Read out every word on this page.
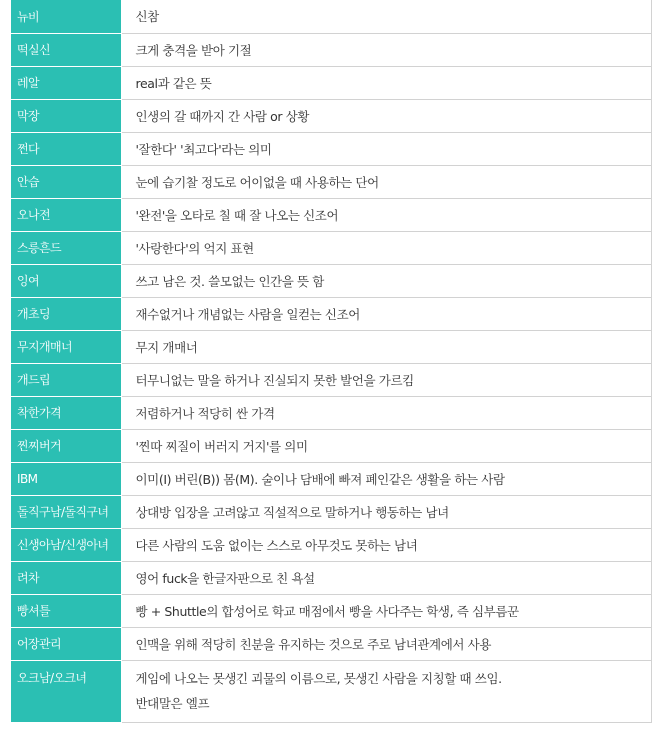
뉴비	신참
떡실신	크게 충격을 받아 기절
레알	real과 같은 뜻
막장	인생의 갈 때까지 간 사람 or 상황
쩐다	'잘한다' '최고다'라는 의미
안습	눈에 습기찰 정도로 어이없을 때 사용하는 단어
오나전	'완전'을 오타로 칠 때 잘 나오는 신조어
스릉흔드	'사랑한다'의 억지 표현
잉여	쓰고 남은 것. 쓸모없는 인간을 뜻 함
개초딩	재수없거나 개념없는 사람을 일컫는 신조어
무지개매너	무지 개매너
개드립	터무니없는 말을 하거나 진실되지 못한 발언을 가르킴
착한가격	저렴하거나 적당히 싼 가격
찐찌버거	'찐따 찌질이 버러지 거지'를 의미
IBM	이미(I) 버린(B)) 몸(M). 술이나 담배에 빠져 폐인같은 생활을 하는 사람
돌직구남/돌직구녀	상대방 입장을 고려않고 직설적으로 말하거나 행동하는 남녀
신생아남/신생아녀	다른 사람의 도움 없이는 스스로 아무것도 못하는 남녀
려차	영어 fuck을 한글자판으로 친 욕설
빵셔틀	빵 + Shuttle의 합성어로 학교 매점에서 빵을 사다주는 학생, 즉 심부름꾼
어장관리	인맥을 위해 적당히 친분을 유지하는 것으로 주로 남녀관계에서 사용
오크남/오크녀	게임에 나오는 못생긴 괴물의 이름으로, 못생긴 사람을 지칭할 때 쓰임.
반대말은 엘프
